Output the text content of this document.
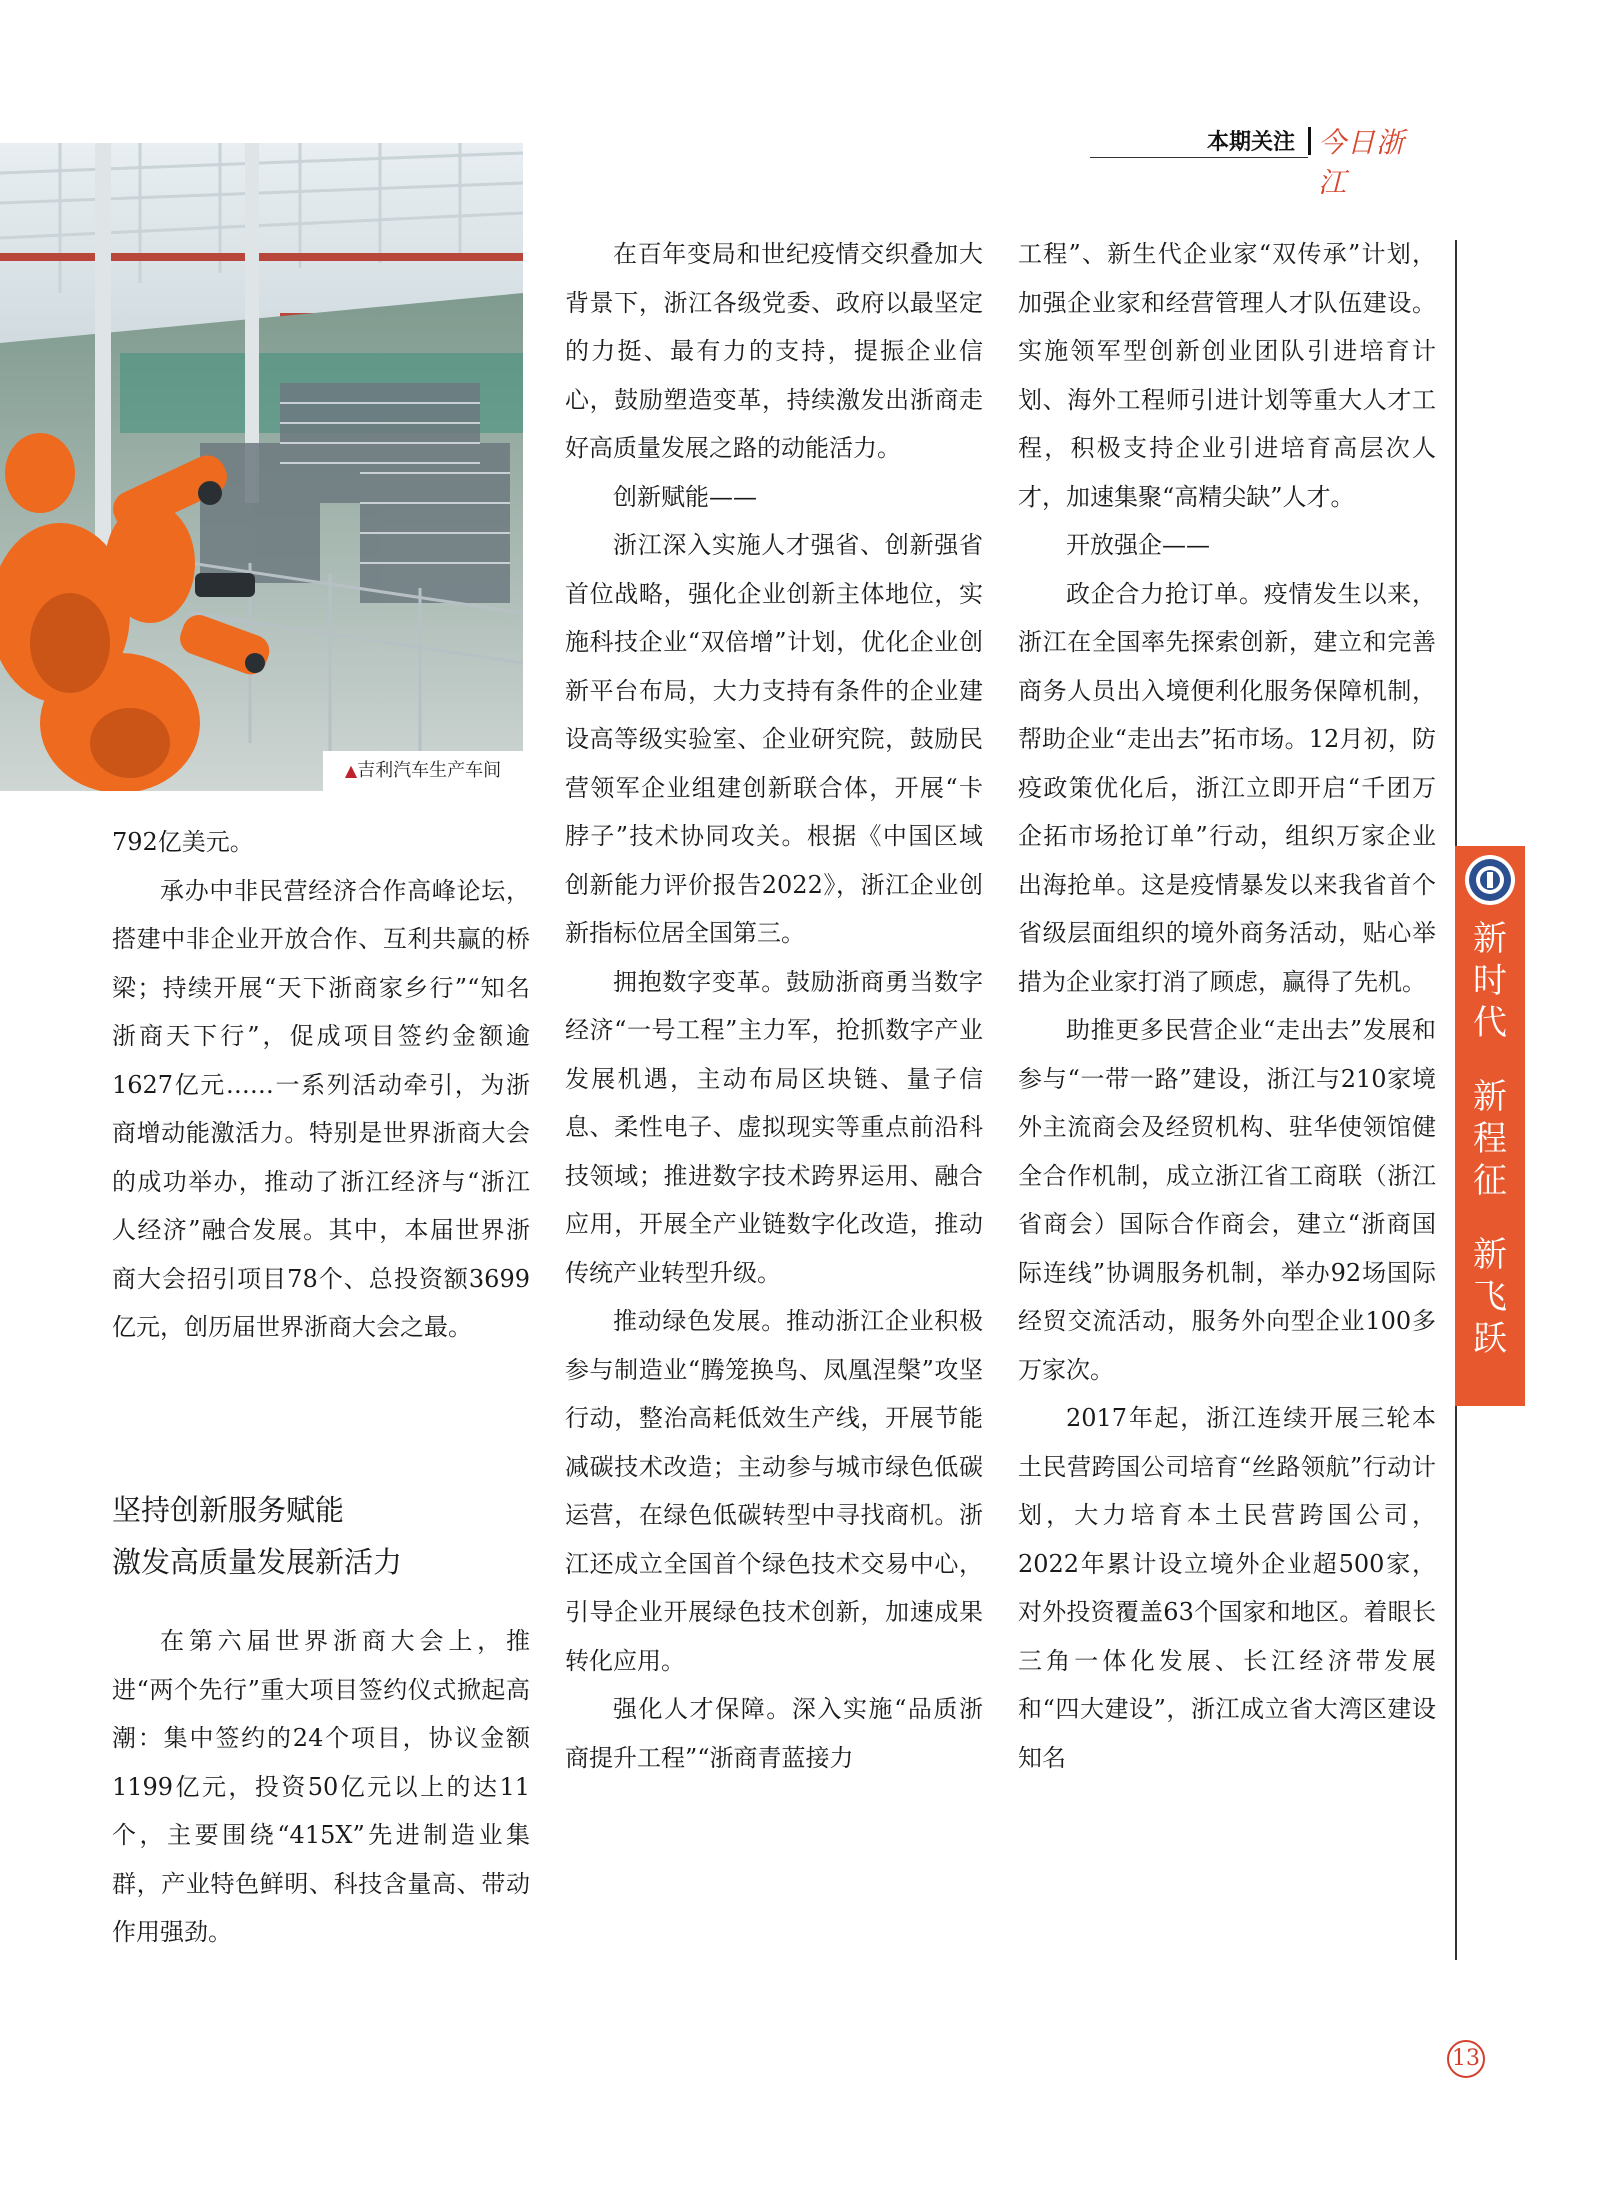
本期关注 今日浙江
▲吉利汽车生产车间

792亿美元。

承办中非民营经济合作高峰论坛，搭建中非企业开放合作、互利共赢的桥梁；持续开展“天下浙商家乡行”“知名浙商天下行”，促成项目签约金额逾1627亿元……一系列活动牵引，为浙商增动能激活力。特别是世界浙商大会的成功举办，推动了浙江经济与“浙江人经济”融合发展。其中，本届世界浙商大会招引项目78个、总投资额3699亿元，创历届世界浙商大会之最。

坚持创新服务赋能
激发高质量发展新活力

在第六届世界浙商大会上，推进“两个先行”重大项目签约仪式掀起高潮：集中签约的24个项目，协议金额1199亿元，投资50亿元以上的达11个，主要围绕“415X”先进制造业集群，产业特色鲜明、科技含量高、带动作用强劲。

在百年变局和世纪疫情交织叠加大背景下，浙江各级党委、政府以最坚定的力挺、最有力的支持，提振企业信心，鼓励塑造变革，持续激发出浙商走好高质量发展之路的动能活力。

创新赋能——

浙江深入实施人才强省、创新强省首位战略，强化企业创新主体地位，实施科技企业“双倍增”计划，优化企业创新平台布局，大力支持有条件的企业建设高等级实验室、企业研究院，鼓励民营领军企业组建创新联合体，开展“卡脖子”技术协同攻关。根据《中国区域创新能力评价报告2022》，浙江企业创新指标位居全国第三。

拥抱数字变革。鼓励浙商勇当数字经济“一号工程”主力军，抢抓数字产业发展机遇，主动布局区块链、量子信息、柔性电子、虚拟现实等重点前沿科技领域；推进数字技术跨界运用、融合应用，开展全产业链数字化改造，推动传统产业转型升级。

推动绿色发展。推动浙江企业积极参与制造业“腾笼换鸟、凤凰涅槃”攻坚行动，整治高耗低效生产线，开展节能减碳技术改造；主动参与城市绿色低碳运营，在绿色低碳转型中寻找商机。浙江还成立全国首个绿色技术交易中心，引导企业开展绿色技术创新，加速成果转化应用。

强化人才保障。深入实施“品质浙商提升工程”“浙商青蓝接力

工程”、新生代企业家“双传承”计划，加强企业家和经营管理人才队伍建设。实施领军型创新创业团队引进培育计划、海外工程师引进计划等重大人才工程，积极支持企业引进培育高层次人才，加速集聚“高精尖缺”人才。

开放强企——

政企合力抢订单。疫情发生以来，浙江在全国率先探索创新，建立和完善商务人员出入境便利化服务保障机制，帮助企业“走出去”拓市场。12月初，防疫政策优化后，浙江立即开启“千团万企拓市场抢订单”行动，组织万家企业出海抢单。这是疫情暴发以来我省首个省级层面组织的境外商务活动，贴心举措为企业家打消了顾虑，赢得了先机。

助推更多民营企业“走出去”发展和参与“一带一路”建设，浙江与210家境外主流商会及经贸机构、驻华使领馆健全合作机制，成立浙江省工商联（浙江省商会）国际合作商会，建立“浙商国际连线”协调服务机制，举办92场国际经贸交流活动，服务外向型企业100多万家次。

2017年起，浙江连续开展三轮本土民营跨国公司培育“丝路领航”行动计划，大力培育本土民营跨国公司，2022年累计设立境外企业超500家，对外投资覆盖63个国家和地区。着眼长三角一体化发展、长江经济带发展和“四大建设”，浙江成立省大湾区建设知名

新
时
代
新
程
征
新
飞
跃
13
